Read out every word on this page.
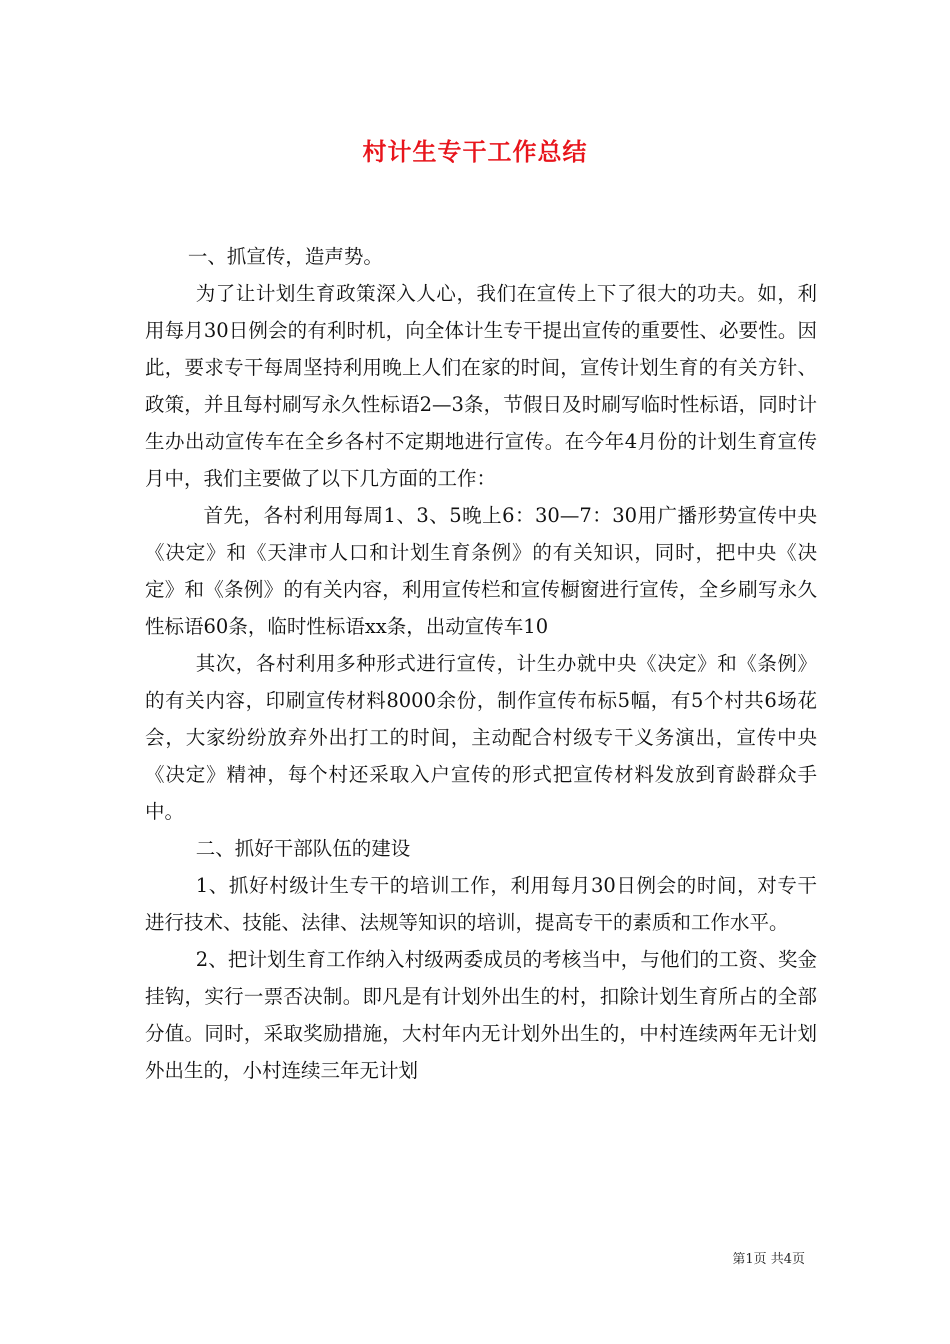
村计生专干工作总结

一、抓宣传，造声势。

为了让计划生育政策深入人心，我们在宣传上下了很大的功夫。如，利用每月30日例会的有利时机，向全体计生专干提出宣传的重要性、必要性。因此，要求专干每周坚持利用晚上人们在家的时间，宣传计划生育的有关方针、政策，并且每村刷写永久性标语2—3条，节假日及时刷写临时性标语，同时计生办出动宣传车在全乡各村不定期地进行宣传。在今年4月份的计划生育宣传月中，我们主要做了以下几方面的工作：

首先，各村利用每周1、3、5晚上6：30—7：30用广播形势宣传中央《决定》和《天津市人口和计划生育条例》的有关知识，同时，把中央《决定》和《条例》的有关内容，利用宣传栏和宣传橱窗进行宣传，全乡刷写永久性标语60条，临时性标语xx条，出动宣传车10

其次，各村利用多种形式进行宣传，计生办就中央《决定》和《条例》的有关内容，印刷宣传材料8000余份，制作宣传布标5幅，有5个村共6场花会，大家纷纷放弃外出打工的时间，主动配合村级专干义务演出，宣传中央《决定》精神，每个村还采取入户宣传的形式把宣传材料发放到育龄群众手中。

二、抓好干部队伍的建设

1、抓好村级计生专干的培训工作，利用每月30日例会的时间，对专干进行技术、技能、法律、法规等知识的培训，提高专干的素质和工作水平。

2、把计划生育工作纳入村级两委成员的考核当中，与他们的工资、奖金挂钩，实行一票否决制。即凡是有计划外出生的村，扣除计划生育所占的全部分值。同时，采取奖励措施，大村年内无计划外出生的，中村连续两年无计划外出生的，小村连续三年无计划

第1页 共4页
